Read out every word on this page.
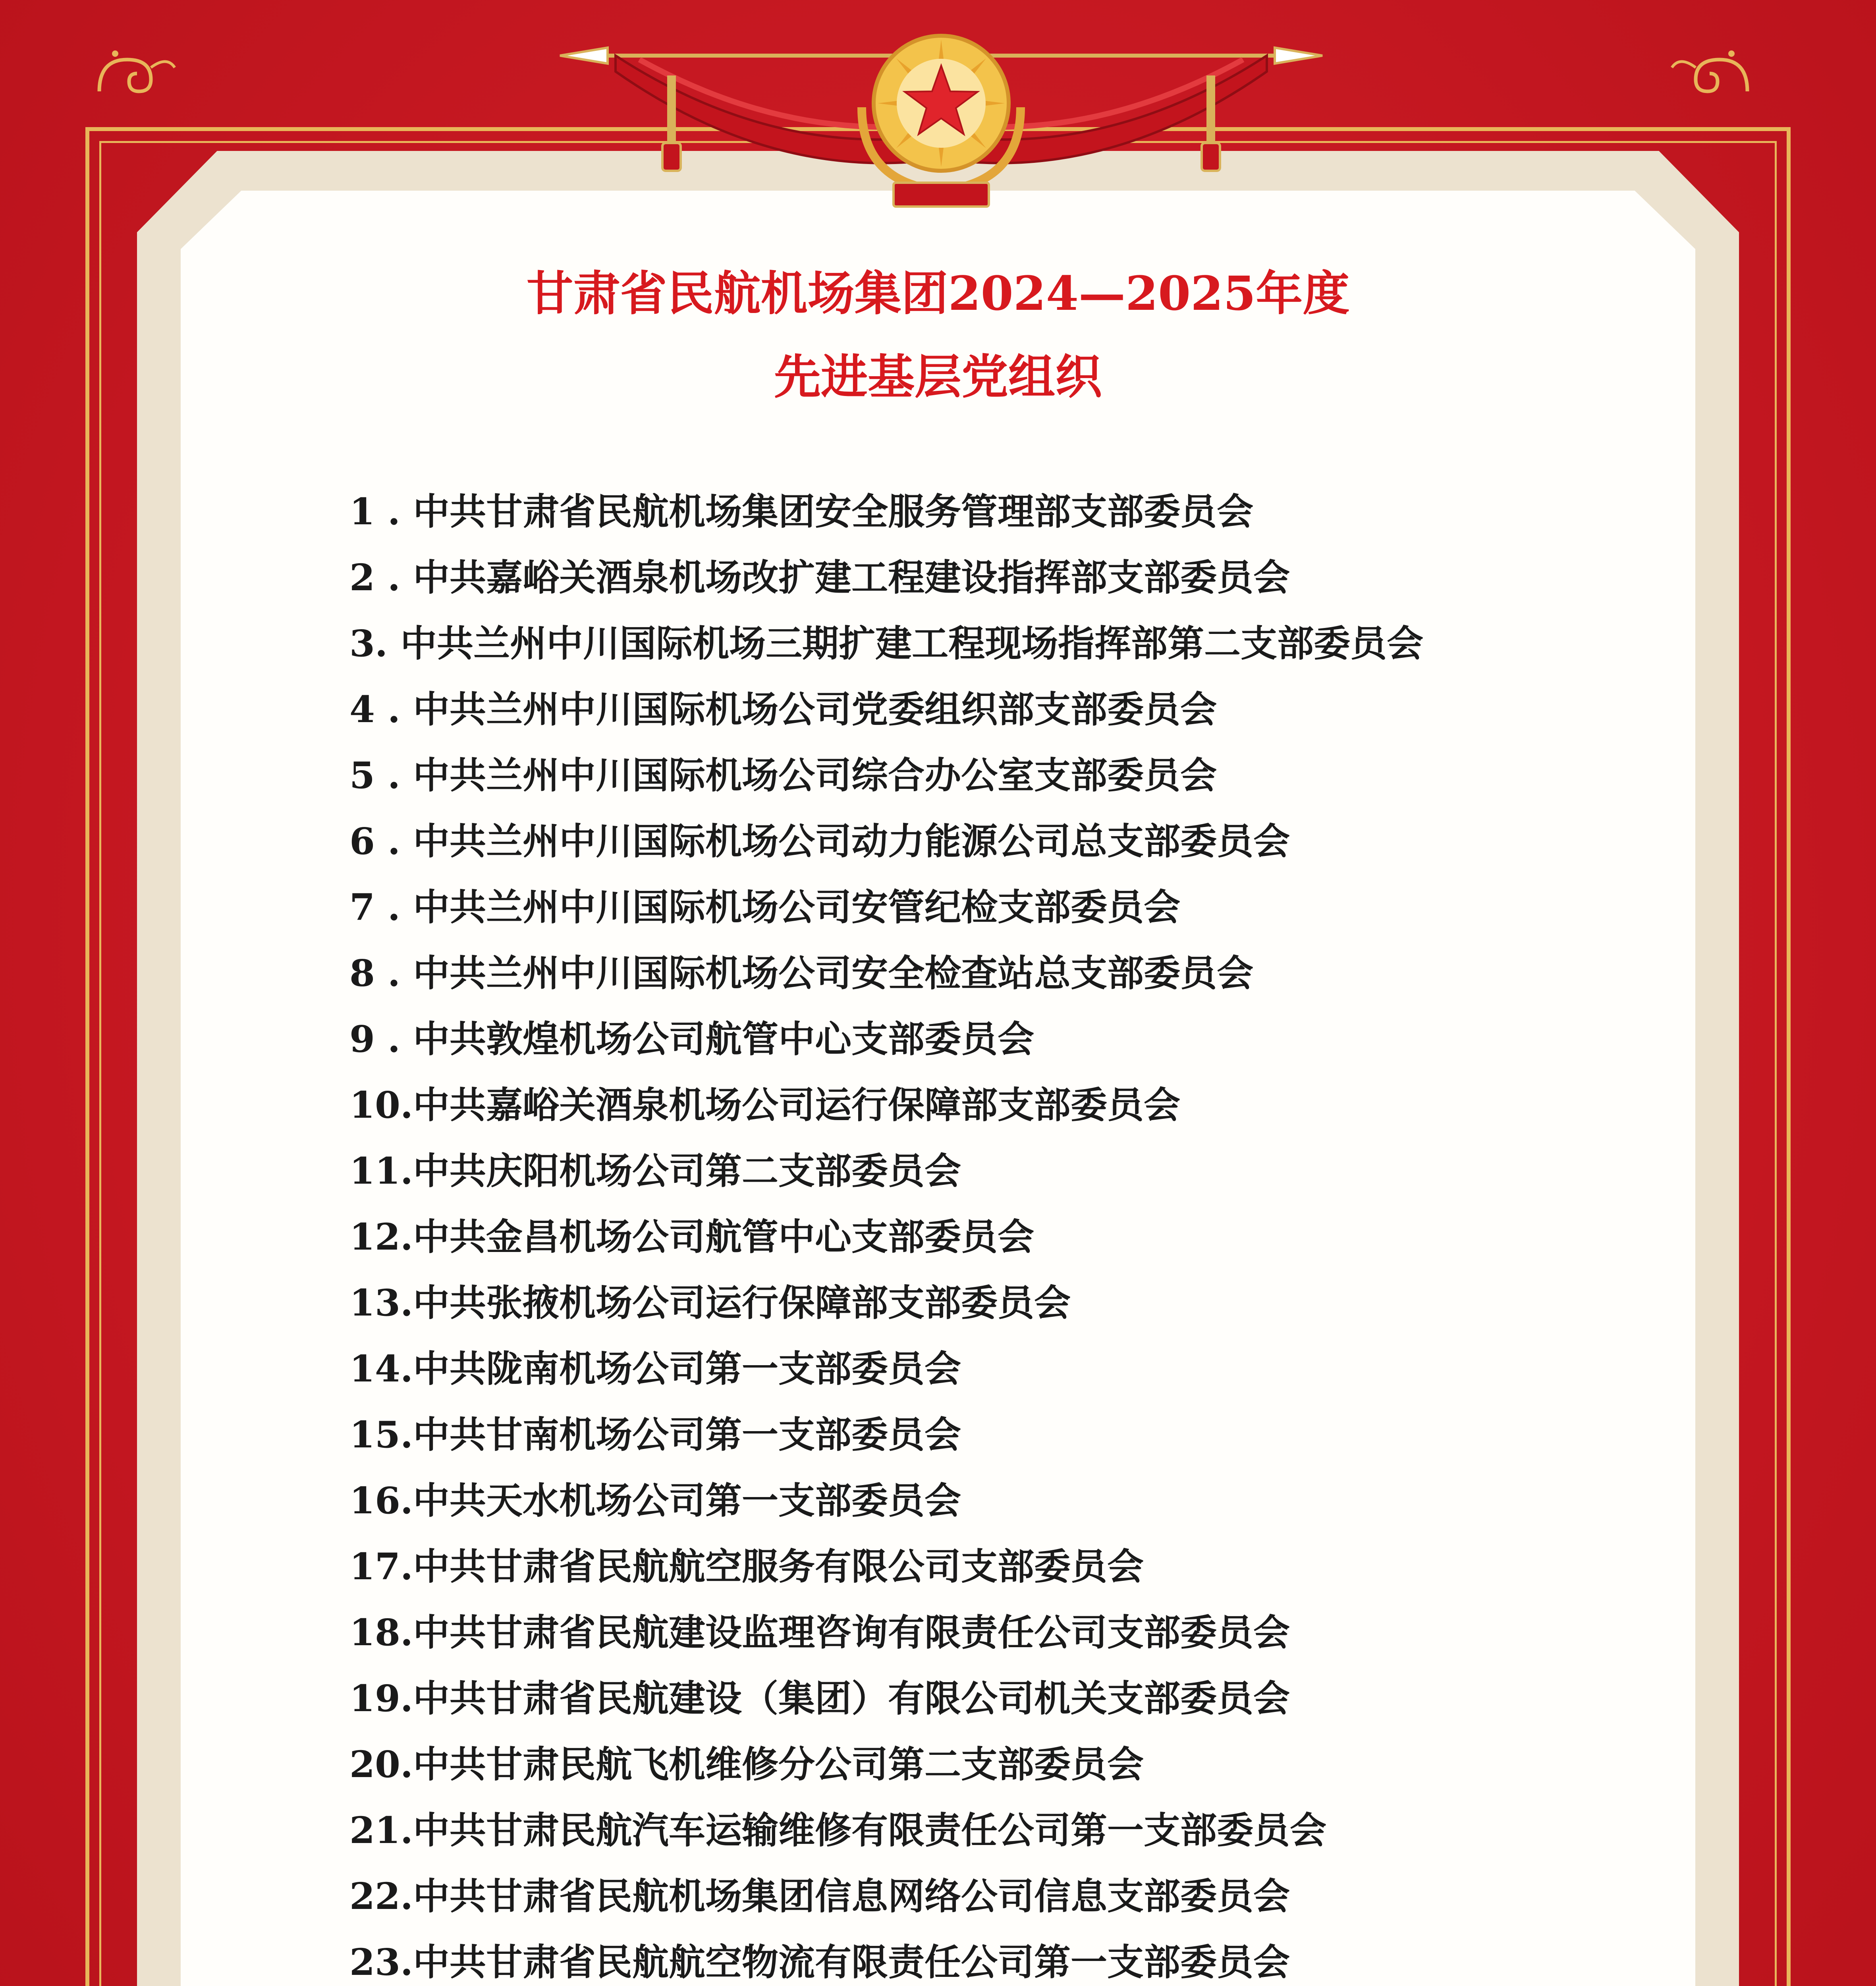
甘肃省民航机场集团2024—2025年度
先进基层党组织
1 . 中共甘肃省民航机场集团安全服务管理部支部委员会
2 . 中共嘉峪关酒泉机场改扩建工程建设指挥部支部委员会
3. 中共兰州中川国际机场三期扩建工程现场指挥部第二支部委员会
4 . 中共兰州中川国际机场公司党委组织部支部委员会
5 . 中共兰州中川国际机场公司综合办公室支部委员会
6 . 中共兰州中川国际机场公司动力能源公司总支部委员会
7 . 中共兰州中川国际机场公司安管纪检支部委员会
8 . 中共兰州中川国际机场公司安全检查站总支部委员会
9 . 中共敦煌机场公司航管中心支部委员会
10.中共嘉峪关酒泉机场公司运行保障部支部委员会
11.中共庆阳机场公司第二支部委员会
12.中共金昌机场公司航管中心支部委员会
13.中共张掖机场公司运行保障部支部委员会
14.中共陇南机场公司第一支部委员会
15.中共甘南机场公司第一支部委员会
16.中共天水机场公司第一支部委员会
17.中共甘肃省民航航空服务有限公司支部委员会
18.中共甘肃省民航建设监理咨询有限责任公司支部委员会
19.中共甘肃省民航建设（集团）有限公司机关支部委员会
20.中共甘肃民航飞机维修分公司第二支部委员会
21.中共甘肃民航汽车运输维修有限责任公司第一支部委员会
22.中共甘肃省民航机场集团信息网络公司信息支部委员会
23.中共甘肃省民航航空物流有限责任公司第一支部委员会
